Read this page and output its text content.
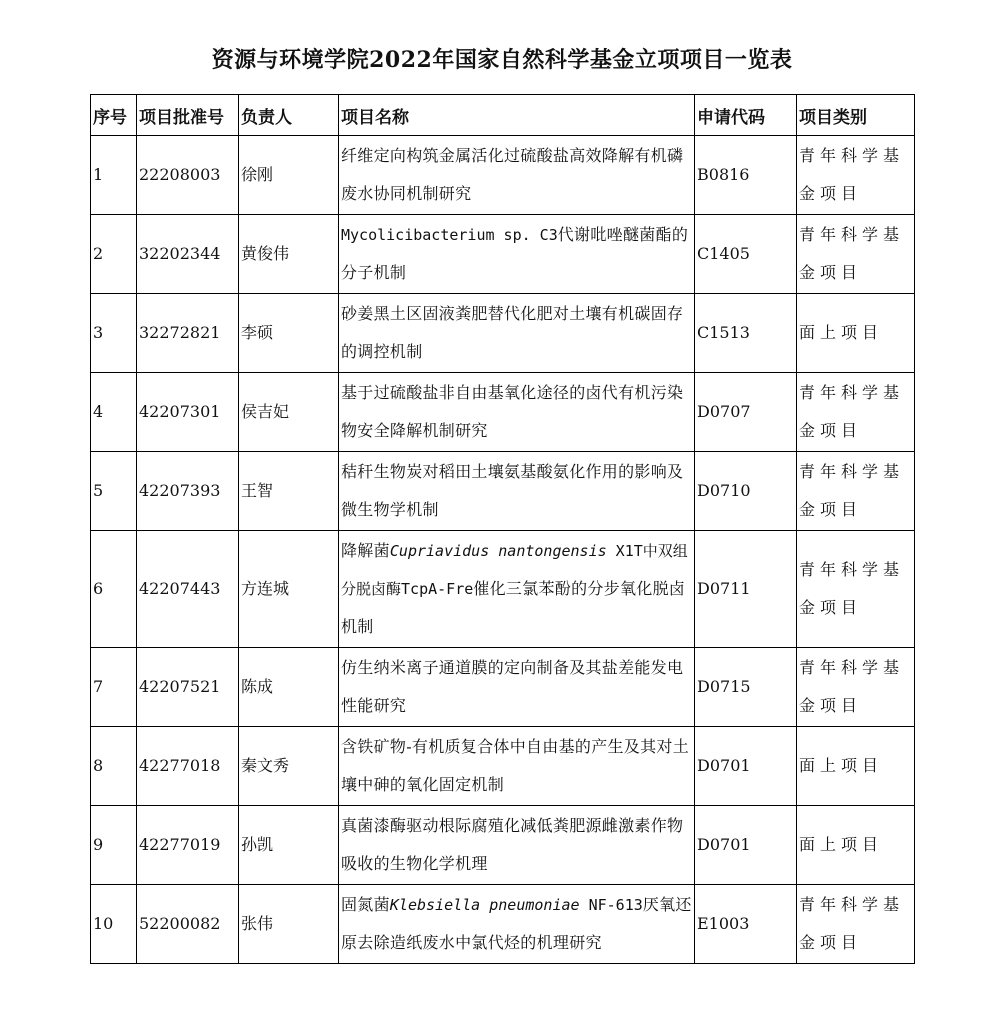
资源与环境学院2022年国家自然科学基金立项项目一览表
序号	项目批准号	负责人	项目名称	申请代码	项目类别
1	22208003	徐刚	纤维定向构筑金属活化过硫酸盐高效降解有机磷废水协同机制研究	B0816	青年科学基金项目
2	32202344	黄俊伟	Mycolicibacterium sp. C3代谢吡唑醚菌酯的分子机制	C1405	青年科学基金项目
3	32272821	李硕	砂姜黑土区固液粪肥替代化肥对土壤有机碳固存的调控机制	C1513	面上项目
4	42207301	侯吉妃	基于过硫酸盐非自由基氧化途径的卤代有机污染物安全降解机制研究	D0707	青年科学基金项目
5	42207393	王智	秸秆生物炭对稻田土壤氨基酸氨化作用的影响及微生物学机制	D0710	青年科学基金项目
6	42207443	方连城	降解菌Cupriavidus nantongensis X1T中双组分脱卤酶TcpA-Fre催化三氯苯酚的分步氧化脱卤机制	D0711	青年科学基金项目
7	42207521	陈成	仿生纳米离子通道膜的定向制备及其盐差能发电性能研究	D0715	青年科学基金项目
8	42277018	秦文秀	含铁矿物-有机质复合体中自由基的产生及其对土壤中砷的氧化固定机制	D0701	面上项目
9	42277019	孙凯	真菌漆酶驱动根际腐殖化减低粪肥源雌激素作物吸收的生物化学机理	D0701	面上项目
10	52200082	张伟	固氮菌Klebsiella pneumoniae NF-613厌氧还原去除造纸废水中氯代烃的机理研究	E1003	青年科学基金项目
